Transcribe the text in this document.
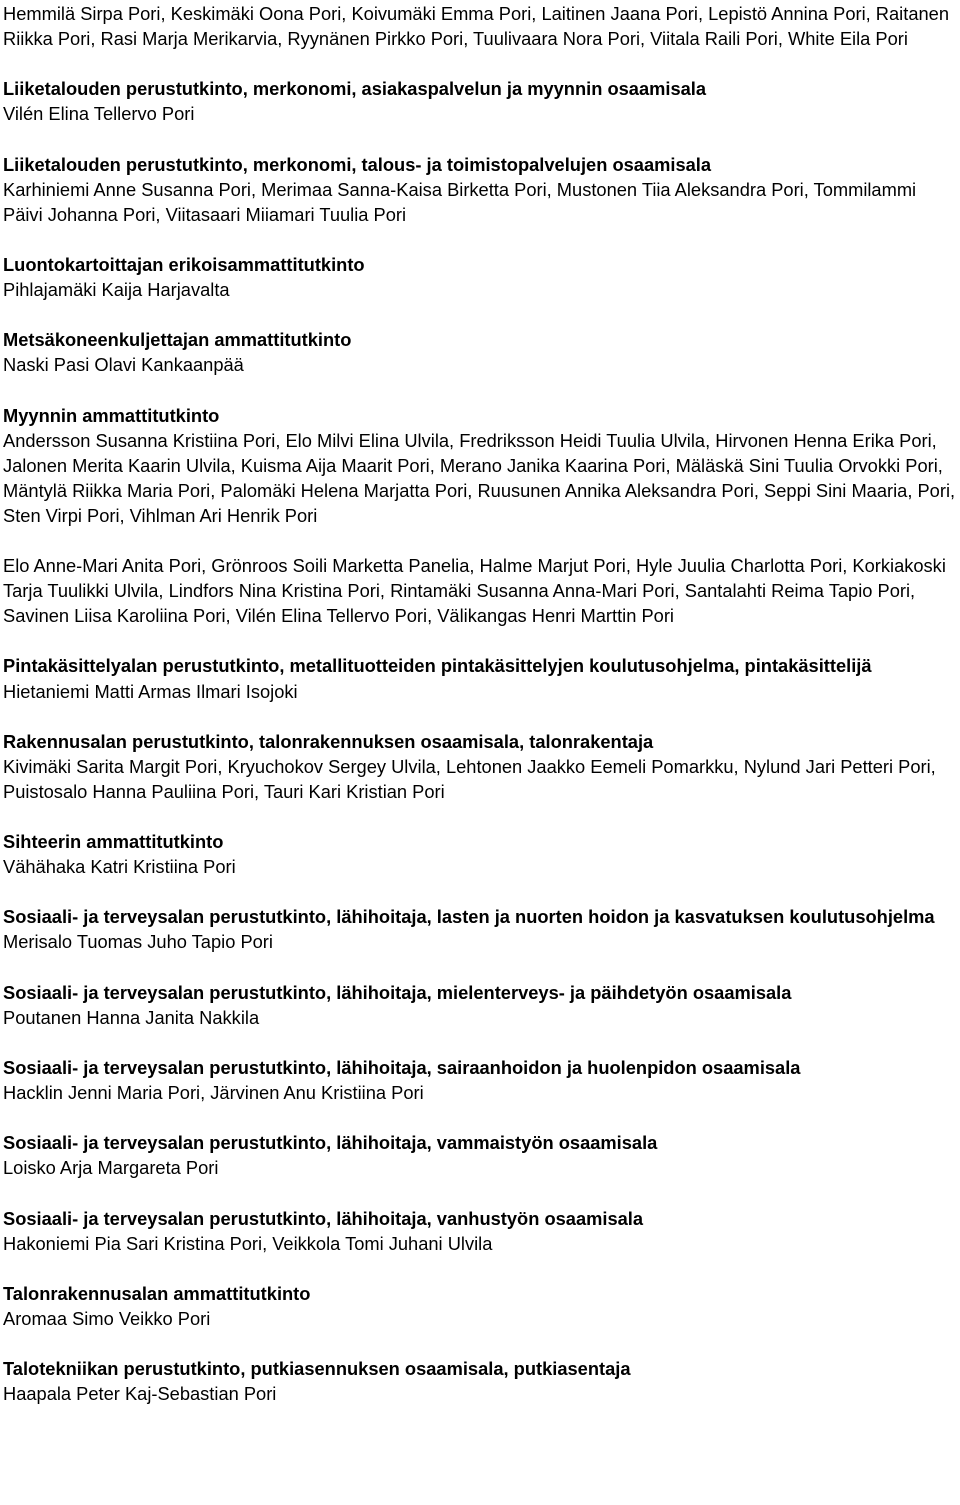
Hemmilä Sirpa Pori, Keskimäki Oona Pori, Koivumäki Emma Pori, Laitinen Jaana Pori, Lepistö Annina Pori, Raitanen Riikka Pori, Rasi Marja Merikarvia, Ryynänen Pirkko Pori, Tuulivaara Nora Pori, Viitala Raili Pori, White Eila Pori
Liiketalouden perustutkinto, merkonomi, asiakaspalvelun ja myynnin osaamisala
Vilén Elina Tellervo Pori
Liiketalouden perustutkinto, merkonomi, talous- ja toimistopalvelujen osaamisala
Karhiniemi Anne Susanna Pori, Merimaa Sanna-Kaisa Birketta Pori, Mustonen Tiia Aleksandra Pori, Tommilammi Päivi Johanna Pori, Viitasaari Miiamari Tuulia Pori
Luontokartoittajan erikoisammattitutkinto
Pihlajamäki Kaija Harjavalta
Metsäkoneenkuljettajan ammattitutkinto
Naski Pasi Olavi Kankaanpää
Myynnin ammattitutkinto
Andersson Susanna Kristiina Pori, Elo Milvi Elina Ulvila, Fredriksson Heidi Tuulia Ulvila, Hirvonen Henna Erika Pori, Jalonen Merita Kaarin Ulvila, Kuisma Aija Maarit Pori, Merano Janika Kaarina Pori, Mäläskä Sini Tuulia Orvokki Pori, Mäntylä Riikka Maria Pori, Palomäki Helena Marjatta Pori, Ruusunen Annika Aleksandra Pori, Seppi Sini Maaria, Pori, Sten Virpi Pori, Vihlman Ari Henrik Pori
Elo Anne-Mari Anita Pori, Grönroos Soili Marketta Panelia, Halme Marjut Pori, Hyle Juulia Charlotta Pori, Korkiakoski Tarja Tuulikki Ulvila, Lindfors Nina Kristina Pori, Rintamäki Susanna Anna-Mari Pori, Santalahti Reima Tapio Pori, Savinen Liisa Karoliina Pori, Vilén Elina Tellervo Pori, Välikangas Henri Marttin Pori
Pintakäsittelyalan perustutkinto, metallituotteiden pintakäsittelyjen koulutusohjelma, pintakäsittelijä
Hietaniemi Matti Armas Ilmari Isojoki
Rakennusalan perustutkinto, talonrakennuksen osaamisala, talonrakentaja
Kivimäki Sarita Margit Pori, Kryuchokov Sergey Ulvila, Lehtonen Jaakko Eemeli Pomarkku, Nylund Jari Petteri Pori, Puistosalo Hanna Pauliina Pori, Tauri Kari Kristian Pori
Sihteerin ammattitutkinto
Vähähaka Katri Kristiina Pori
Sosiaali- ja terveysalan perustutkinto, lähihoitaja, lasten ja nuorten hoidon ja kasvatuksen koulutusohjelma
Merisalo Tuomas Juho Tapio Pori
Sosiaali- ja terveysalan perustutkinto, lähihoitaja, mielenterveys- ja päihdetyön osaamisala
Poutanen Hanna Janita Nakkila
Sosiaali- ja terveysalan perustutkinto, lähihoitaja, sairaanhoidon ja huolenpidon osaamisala
Hacklin Jenni Maria Pori, Järvinen Anu Kristiina Pori
Sosiaali- ja terveysalan perustutkinto, lähihoitaja, vammaistyön osaamisala
Loisko Arja Margareta Pori
Sosiaali- ja terveysalan perustutkinto, lähihoitaja, vanhustyön osaamisala
Hakoniemi Pia Sari Kristina Pori, Veikkola Tomi Juhani Ulvila
Talonrakennusalan ammattitutkinto
Aromaa Simo Veikko Pori
Talotekniikan perustutkinto, putkiasennuksen osaamisala, putkiasentaja
Haapala Peter Kaj-Sebastian Pori
